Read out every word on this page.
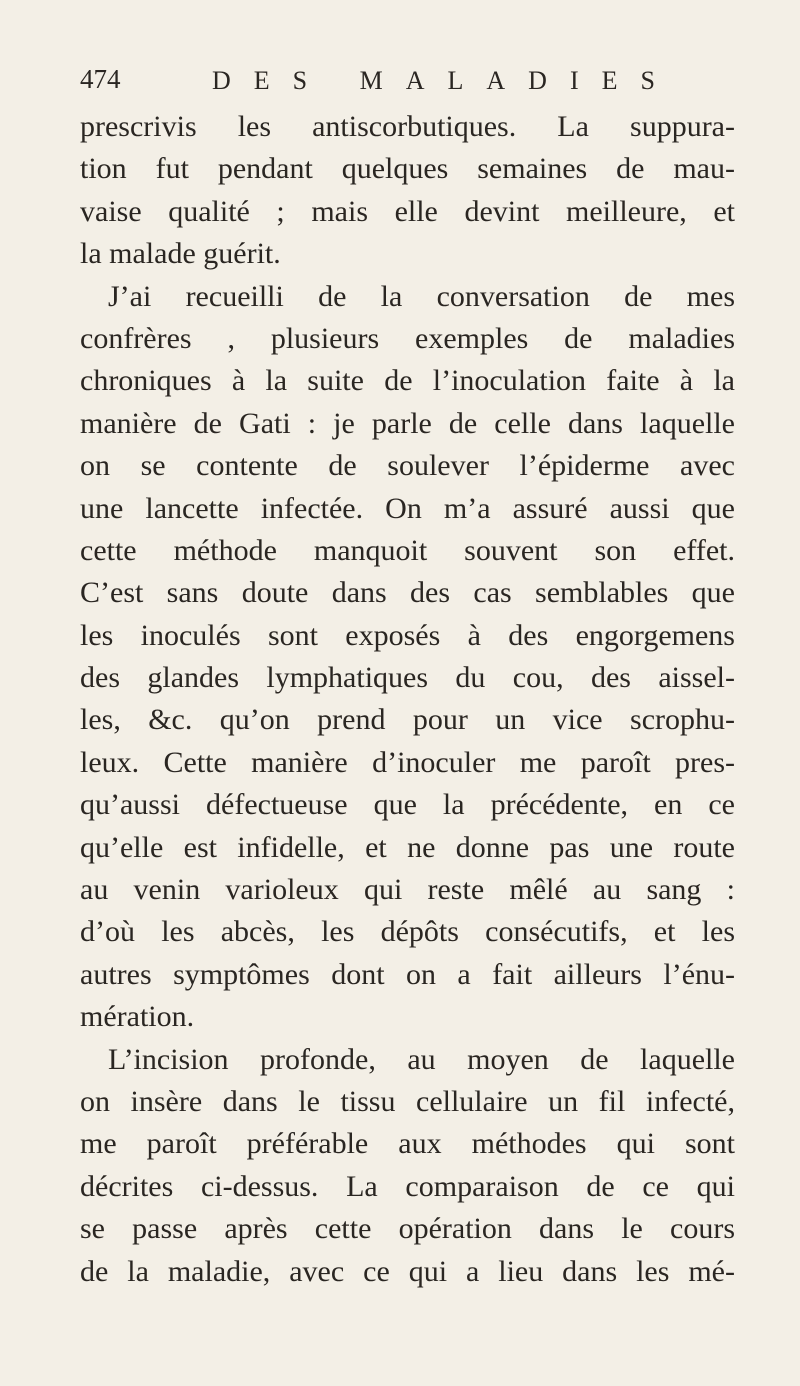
474	DES MALADIES
prescrivis les antiscorbutiques. La suppura-
tion fut pendant quelques semaines de mau-
vaise qualité ; mais elle devint meilleure, et
la malade guérit.
J’ai recueilli de la conversation de mes
confrères , plusieurs exemples de maladies
chroniques à la suite de l’inoculation faite à la
manière de Gati : je parle de celle dans laquelle
on se contente de soulever l’épiderme avec
une lancette infectée. On m’a assuré aussi que
cette méthode manquoit souvent son effet.
C’est sans doute dans des cas semblables que
les inoculés sont exposés à des engorgemens
des glandes lymphatiques du cou, des aissel-
les, &c. qu’on prend pour un vice scrophu-
leux. Cette manière d’inoculer me paroît pres-
qu’aussi défectueuse que la précédente, en ce
qu’elle est infidelle, et ne donne pas une route
au venin varioleux qui reste mêlé au sang :
d’où les abcès, les dépôts consécutifs, et les
autres symptômes dont on a fait ailleurs l’énu-
mération.
L’incision profonde, au moyen de laquelle
on insère dans le tissu cellulaire un fil infecté,
me paroît préférable aux méthodes qui sont
décrites ci-dessus. La comparaison de ce qui
se passe après cette opération dans le cours
de la maladie, avec ce qui a lieu dans les mé-
